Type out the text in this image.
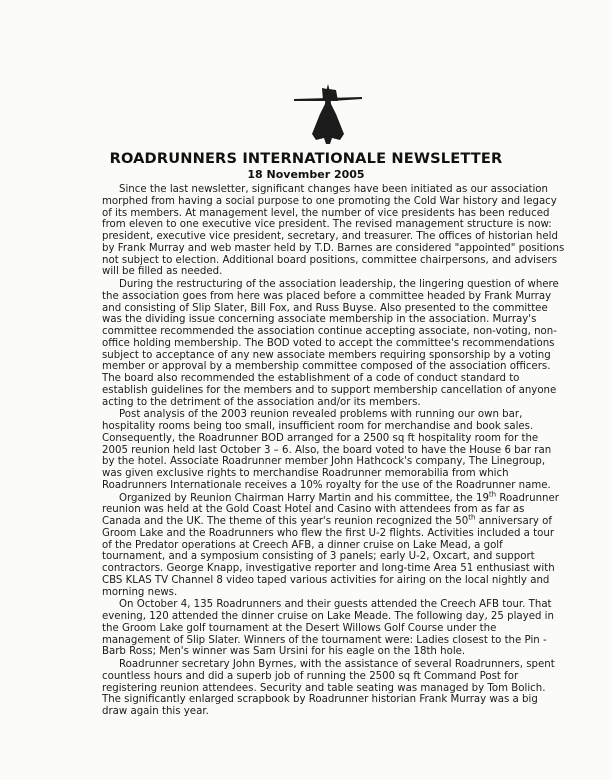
ROADRUNNERS INTERNATIONALE NEWSLETTER
18 November 2005

Since the last newsletter, significant changes have been initiated as our association morphed from having a social purpose to one promoting the Cold War history and legacy of its members. At management level, the number of vice presidents has been reduced from eleven to one executive vice president. The revised management structure is now: president, executive vice president, secretary, and treasurer. The offices of historian held by Frank Murray and web master held by T.D. Barnes are considered "appointed" positions not subject to election. Additional board positions, committee chairpersons, and advisers will be filled as needed.

During the restructuring of the association leadership, the lingering question of where the association goes from here was placed before a committee headed by Frank Murray and consisting of Slip Slater, Bill Fox, and Russ Buyse. Also presented to the committee was the dividing issue concerning associate membership in the association. Murray's committee recommended the association continue accepting associate, non-voting, non-office holding membership. The BOD voted to accept the committee's recommendations subject to acceptance of any new associate members requiring sponsorship by a voting member or approval by a membership committee composed of the association officers. The board also recommended the establishment of a code of conduct standard to establish guidelines for the members and to support membership cancellation of anyone acting to the detriment of the association and/or its members.

Post analysis of the 2003 reunion revealed problems with running our own bar, hospitality rooms being too small, insufficient room for merchandise and book sales. Consequently, the Roadrunner BOD arranged for a 2500 sq ft hospitality room for the 2005 reunion held last October 3 – 6. Also, the board voted to have the House 6 bar ran by the hotel. Associate Roadrunner member John Hathcock's company, The Linegroup, was given exclusive rights to merchandise Roadrunner memorabilia from which Roadrunners Internationale receives a 10% royalty for the use of the Roadrunner name.

Organized by Reunion Chairman Harry Martin and his committee, the 19th Roadrunner reunion was held at the Gold Coast Hotel and Casino with attendees from as far as Canada and the UK. The theme of this year's reunion recognized the 50th anniversary of Groom Lake and the Roadrunners who flew the first U-2 flights. Activities included a tour of the Predator operations at Creech AFB, a dinner cruise on Lake Mead, a golf tournament, and a symposium consisting of 3 panels; early U-2, Oxcart, and support contractors. George Knapp, investigative reporter and long-time Area 51 enthusiast with CBS KLAS TV Channel 8 video taped various activities for airing on the local nightly and morning news.

On October 4, 135 Roadrunners and their guests attended the Creech AFB tour. That evening, 120 attended the dinner cruise on Lake Meade. The following day, 25 played in the Groom Lake golf tournament at the Desert Willows Golf Course under the management of Slip Slater. Winners of the tournament were: Ladies closest to the Pin - Barb Ross; Men's winner was Sam Ursini for his eagle on the 18th hole.

Roadrunner secretary John Byrnes, with the assistance of several Roadrunners, spent countless hours and did a superb job of running the 2500 sq ft Command Post for registering reunion attendees. Security and table seating was managed by Tom Bolich. The significantly enlarged scrapbook by Roadrunner historian Frank Murray was a big draw again this year.
